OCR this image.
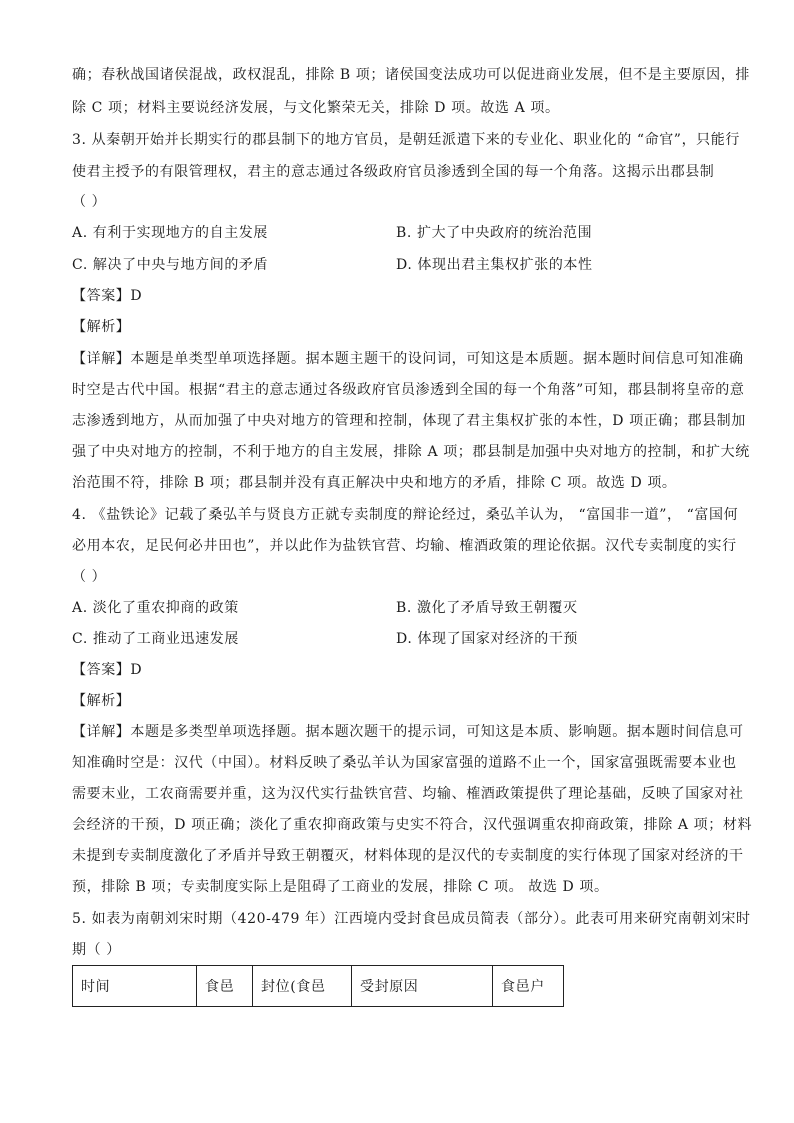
确；春秋战国诸侯混战，政权混乱，排除 B 项；诸侯国变法成功可以促进商业发展，但不是主要原因，排
除 C 项；材料主要说经济发展，与文化繁荣无关，排除 D 项。故选 A 项。
3. 从秦朝开始并长期实行的郡县制下的地方官员，是朝廷派遣下来的专业化、职业化的 “命官”，只能行
使君主授予的有限管理权，君主的意志通过各级政府官员渗透到全国的每一个角落。这揭示出郡县制
（ ）
A. 有利于实现地方的自主发展	B. 扩大了中央政府的统治范围
C. 解决了中央与地方间的矛盾	D. 体现出君主集权扩张的本性
【答案】D
【解析】
【详解】本题是单类型单项选择题。据本题主题干的设问词，可知这是本质题。据本题时间信息可知准确
时空是古代中国。根据“君主的意志通过各级政府官员渗透到全国的每一个角落”可知，郡县制将皇帝的意
志渗透到地方，从而加强了中央对地方的管理和控制，体现了君主集权扩张的本性，D 项正确；郡县制加
强了中央对地方的控制，不利于地方的自主发展，排除 A 项；郡县制是加强中央对地方的控制，和扩大统
治范围不符，排除 B 项；郡县制并没有真正解决中央和地方的矛盾，排除 C 项。故选 D 项。
4. 《盐铁论》记载了桑弘羊与贤良方正就专卖制度的辩论经过，桑弘羊认为， “富国非一道”， “富国何
必用本农，足民何必井田也”，并以此作为盐铁官营、均输、榷酒政策的理论依据。汉代专卖制度的实行
（ ）
A. 淡化了重农抑商的政策	B. 激化了矛盾导致王朝覆灭
C. 推动了工商业迅速发展	D. 体现了国家对经济的干预
【答案】D
【解析】
【详解】本题是多类型单项选择题。据本题次题干的提示词，可知这是本质、影响题。据本题时间信息可
知准确时空是：汉代（中国）。材料反映了桑弘羊认为国家富强的道路不止一个，国家富强既需要本业也
需要末业，工农商需要并重，这为汉代实行盐铁官营、均输、榷酒政策提供了理论基础，反映了国家对社
会经济的干预，D 项正确；淡化了重农抑商政策与史实不符合，汉代强调重农抑商政策，排除 A 项；材料
未提到专卖制度激化了矛盾并导致王朝覆灭，材料体现的是汉代的专卖制度的实行体现了国家对经济的干
预，排除 B 项；专卖制度实际上是阻碍了工商业的发展，排除 C 项。 故选 D 项。
5. 如表为南朝刘宋时期（420-479 年）江西境内受封食邑成员简表（部分）。此表可用来研究南朝刘宋时
期（ ）
时间	食邑	封位(食邑	受封原因	食邑户
